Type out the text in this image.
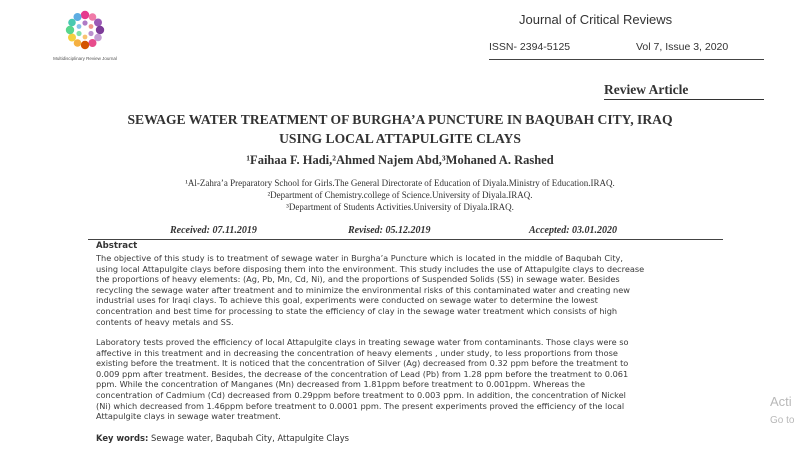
Multidisciplinary Review Journal
Journal of Critical Reviews
ISSN- 2394-5125	Vol 7, Issue 3, 2020
Review Article
SEWAGE WATER TREATMENT OF BURGHA’A PUNCTURE IN BAQUBAH CITY, IRAQ
USING LOCAL ATTAPULGITE CLAYS
¹Faihaa F. Hadi,²Ahmed Najem Abd,³Mohaned A. Rashed
¹Al-Zahra’a Preparatory School for Girls.The General Directorate of Education of Diyala.Ministry of Education.IRAQ.
²Department of Chemistry.college of Science.University of Diyala.IRAQ.
³Department of Students Activities.University of Diyala.IRAQ.
Received: 07.11.2019	Revised: 05.12.2019	Accepted: 03.01.2020
Abstract
The objective of this study is to treatment of sewage water in Burgha’a Puncture which is located in the middle of Baqubah City,
using local Attapulgite clays before disposing them into the environment. This study includes the use of Attapulgite clays to decrease
the proportions of heavy elements: (Ag, Pb, Mn, Cd, Ni), and the proportions of Suspended Solids (SS) in sewage water. Besides
recycling the sewage water after treatment and to minimize the environmental risks of this contaminated water and creating new
industrial uses for Iraqi clays. To achieve this goal, experiments were conducted on sewage water to determine the lowest
concentration and best time for processing to state the efficiency of clay in the sewage water treatment which consists of high
contents of heavy metals and SS.
Laboratory tests proved the efficiency of local Attapulgite clays in treating sewage water from contaminants. Those clays were so
affective in this treatment and in decreasing the concentration of heavy elements , under study, to less proportions from those
existing before the treatment. It is noticed that the concentration of Silver (Ag) decreased from 0.32 ppm before the treatment to
0.009 ppm after treatment. Besides, the decrease of the concentration of Lead (Pb) from 1.28 ppm before the treatment to 0.061
ppm. While the concentration of Manganes (Mn) decreased from 1.81ppm before treatment to 0.001ppm. Whereas the
concentration of Cadmium (Cd) decreased from 0.29ppm before treatment to 0.003 ppm. In addition, the concentration of Nickel
(Ni) which decreased from 1.46ppm before treatment to 0.0001 ppm. The present experiments proved the efficiency of the local
Attapulgite clays in sewage water treatment.
Key words: Sewage water, Baqubah City, Attapulgite Clays
Acti
Go to
